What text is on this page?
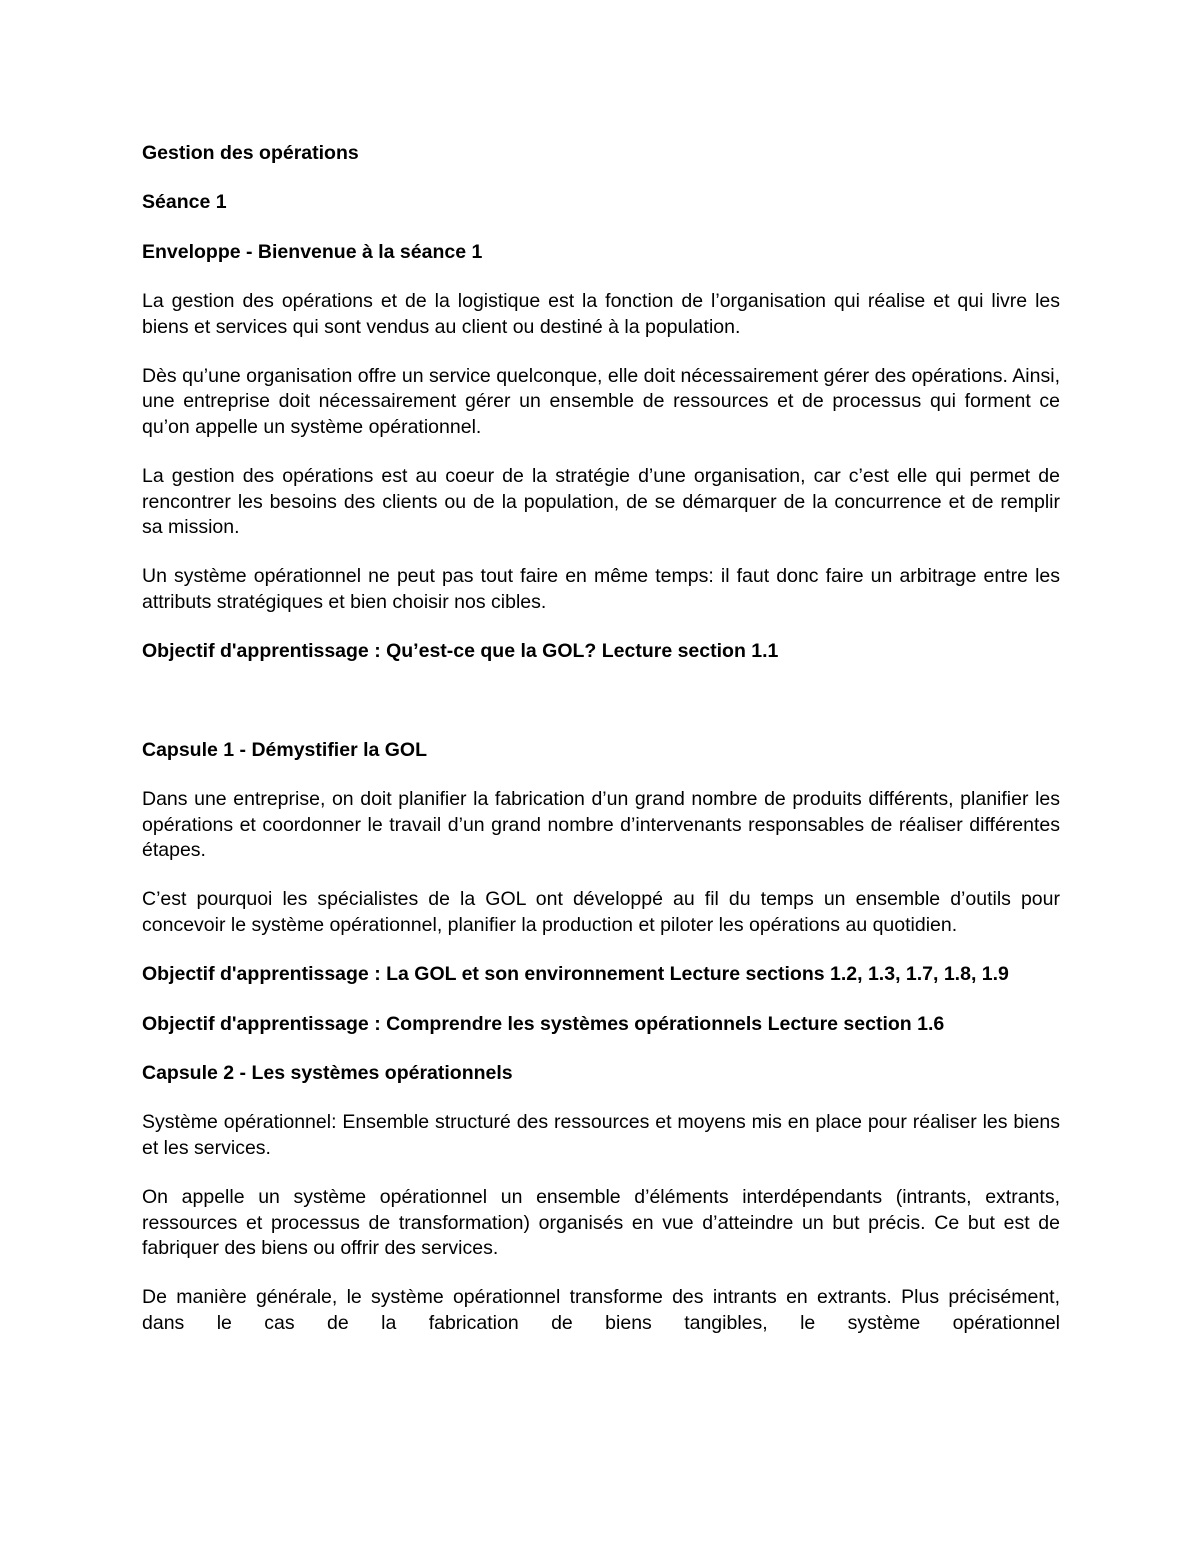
Gestion des opérations

Séance 1

Enveloppe - Bienvenue à la séance 1

La gestion des opérations et de la logistique est la fonction de l’organisation qui réalise et qui livre les biens et services qui sont vendus au client ou destiné à la population.

Dès qu’une organisation offre un service quelconque, elle doit nécessairement gérer des opérations. Ainsi, une entreprise doit nécessairement gérer un ensemble de ressources et de processus qui forment ce qu’on appelle un système opérationnel.

La gestion des opérations est au coeur de la stratégie d’une organisation, car c’est elle qui permet de rencontrer les besoins des clients ou de la population, de se démarquer de la concurrence et de remplir sa mission.

Un système opérationnel ne peut pas tout faire en même temps: il faut donc faire un arbitrage entre les attributs stratégiques et bien choisir nos cibles.

Objectif d'apprentissage : Qu’est-ce que la GOL? Lecture section 1.1

Capsule 1 - Démystifier la GOL

Dans une entreprise, on doit planifier la fabrication d’un grand nombre de produits différents, planifier les opérations et coordonner le travail d’un grand nombre d’intervenants responsables de réaliser différentes étapes.

C’est pourquoi les spécialistes de la GOL ont développé au fil du temps un ensemble d’outils pour concevoir le système opérationnel, planifier la production et piloter les opérations au quotidien.

Objectif d'apprentissage : La GOL et son environnement Lecture sections 1.2, 1.3, 1.7, 1.8, 1.9

Objectif d'apprentissage : Comprendre les systèmes opérationnels Lecture section 1.6

Capsule 2 - Les systèmes opérationnels

Système opérationnel: Ensemble structuré des ressources et moyens mis en place pour réaliser les biens et les services.

On appelle un système opérationnel un ensemble d’éléments interdépendants (intrants, extrants, ressources et processus de transformation) organisés en vue d’atteindre un but précis. Ce but est de fabriquer des biens ou offrir des services.

De manière générale, le système opérationnel transforme des intrants en extrants. Plus précisément, dans le cas de la fabrication de biens tangibles, le système opérationnel
